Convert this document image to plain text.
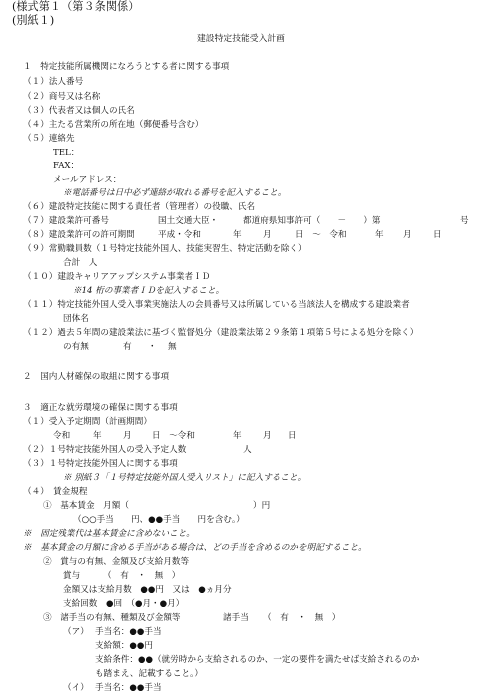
(様式第１（第３条関係）
(別紙１)
建設特定技能受入計画
１　特定技能所属機関になろうとする者に関する事項
（１）法人番号
（２）商号又は名称
（３）代表者又は個人の氏名
（４）主たる営業所の所在地（郵便番号含む）
（５）連絡先
TEL：
FAX：
メールアドレス：
※電話番号は日中必ず連絡が取れる番号を記入すること。
（６）建設特定技能に関する責任者（管理者）の役職、氏名
（７）建設業許可番号	国土交通大臣・	都道府県知事許可（　　－　　）第	号
（８）建設業許可の許可期間	平成・令和	年 月	日　～　令和	年 月 日
（９）常勤職員数（１号特定技能外国人、技能実習生、特定活動を除く）
合計　人
（１０）建設キャリアアップシステム事業者ＩＤ
※14 桁の事業者ＩＤを記入すること。
（１１）特定技能外国人受入事業実施法人の会員番号又は所属している当該法人を構成する建設業者
団体名
（１２）過去５年間の建設業法に基づく監督処分（建設業法第２９条第１項第５号による処分を除く）
の有無	有 ・ 無
２　国内人材確保の取組に関する事項
３　適正な就労環境の確保に関する事項
（１）受入予定期間（計画期間）
令和	年 月 日　～令和	年 月 日
（２）１号特定技能外国人の受入予定人数	人
（３）１号特定技能外国人に関する事項
※ 別紙３「１号特定技能外国人受入リスト」に記入すること。
（４）　賃金規程
①　基本賃金　月額（	）円
（○○手当　　円、●●手当　　円を含む。）
※　固定残業代は基本賃金に含めないこと。
※　基本賃金の月額に含める手当がある場合は、どの手当を含めるのかを明記すること。
②　賞与の有無、金額及び支給月数等
賞与	（　有　・　無　）
金額又は支給月数　●●円　又は　●ヵ月分
支給回数　●回　（●月・●月）
③　諸手当の有無、種類及び金額等	諸手当 （　有　・　無　）
（ア） 手当名：●●手当
支給額：●●円
支給条件：●●（就労時から支給されるのか、一定の要件を満たせば支給されるのか
も踏まえ、記載すること。）
（イ） 手当名：●●手当
